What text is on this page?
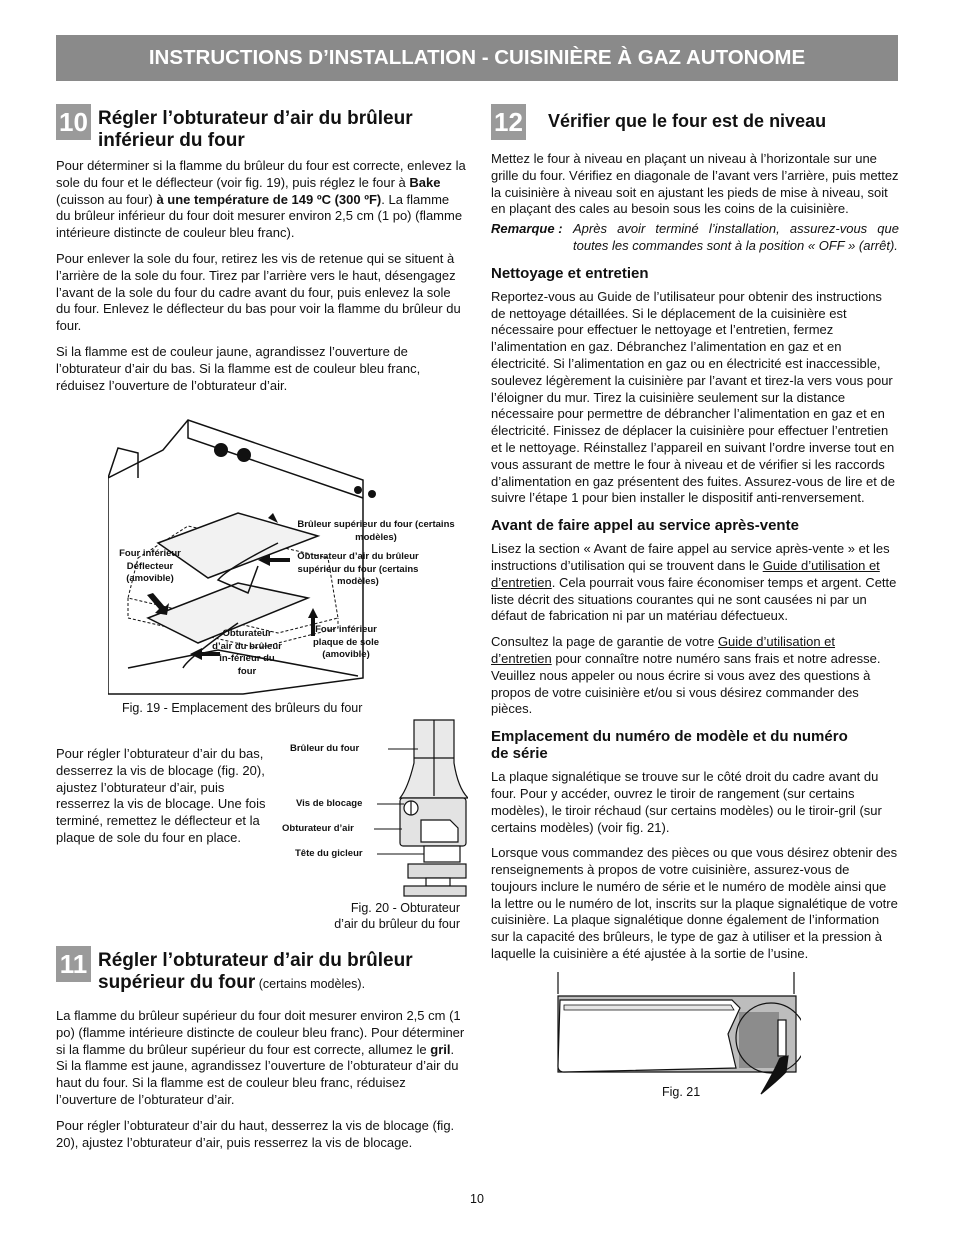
INSTRUCTIONS D’INSTALLATION - CUISINIÈRE À GAZ AUTONOME
10 Régler l’obturateur d’air du brûleur inférieur du four

Pour déterminer si la flamme du brûleur du four est correcte, enlevez la sole du four et le déflecteur (voir fig. 19), puis réglez le four à Bake (cuisson au four) à une température de 149 ºC (300 ºF). La flamme du brûleur inférieur du four doit mesurer environ 2,5 cm (1 po) (flamme intérieure distincte de couleur bleu franc).

Pour enlever la sole du four, retirez les vis de retenue qui se situent à l’arrière de la sole du four. Tirez par l’arrière vers le haut, désengagez l’avant de la sole du four du cadre avant du four, puis enlevez la sole du four. Enlevez le déflecteur du bas pour voir la flamme du brûleur du four.

Si la flamme est de couleur jaune, agrandissez l’ouverture de l’obturateur d’air du bas. Si la flamme est de couleur bleu franc, réduisez l’ouverture de l’obturateur d’air.

Brûleur supérieur du four (certains modèles)
Four inférieur Déflecteur (amovible)
Obturateur d’air du brûleur supérieur du four (certains modèles)
Obturateur d’air du brûleur in-férieur du four
Four inférieur plaque de sole (amovible)
Fig. 19 - Emplacement des brûleurs du four

Pour régler l’obturateur d’air du bas, desserrez la vis de blocage (fig. 20), ajustez l’obturateur d’air, puis resserrez la vis de blocage. Une fois terminé, remettez le déflecteur et la plaque de sole du four en place.

Brûleur du four
Vis de blocage
Obturateur d’air
Tête du gicleur
Fig. 20 - Obturateur
d’air du brûleur du four
11 Régler l’obturateur d’air du brûleur
supérieur du four (certains modèles).

La flamme du brûleur supérieur du four doit mesurer environ 2,5 cm (1 po) (flamme intérieure distincte de couleur bleu franc). Pour déterminer si la flamme du brûleur supérieur du four est correcte, allumez le gril. Si la flamme est jaune, agrandissez l’ouverture de l’obturateur d’air du haut du four. Si la flamme est de couleur bleu franc, réduisez l’ouverture de l’obturateur d’air.

Pour régler l’obturateur d’air du haut, desserrez la vis de blocage (fig. 20), ajustez l’obturateur d’air, puis resserrez la vis de blocage.

12 Vérifier que le four est de niveau

Mettez le four à niveau en plaçant un niveau à l’horizontale sur une grille du four. Vérifiez en diagonale de l’avant vers l’arrière, puis mettez la cuisinière à niveau soit en ajustant les pieds de mise à niveau, soit en plaçant des cales au besoin sous les coins de la cuisinière.

Remarque : Après avoir terminé l’installation, assurez-vous que toutes les commandes sont à la position « OFF » (arrêt).

Nettoyage et entretien

Reportez-vous au Guide de l’utilisateur pour obtenir des instructions de nettoyage détaillées. Si le déplacement de la cuisinière est nécessaire pour effectuer le nettoyage et l’entretien, fermez l’alimentation en gaz. Débranchez l’alimentation en gaz et en électricité. Si l’alimentation en gaz ou en électricité est inaccessible, soulevez légèrement la cuisinière par l’avant et tirez-la vers vous pour l’éloigner du mur. Tirez la cuisinière seulement sur la distance nécessaire pour permettre de débrancher l’alimentation en gaz et en électricité. Finissez de déplacer la cuisinière pour effectuer l’entretien et le nettoyage. Réinstallez l’appareil en suivant l’ordre inverse tout en vous assurant de mettre le four à niveau et de vérifier si les raccords d’alimentation en gaz présentent des fuites. Assurez-vous de lire et de suivre l’étape 1 pour bien installer le dispositif anti-renversement.

Avant de faire appel au service après-vente

Lisez la section « Avant de faire appel au service après-vente » et les instructions d’utilisation qui se trouvent dans le Guide d’utilisation et d’entretien. Cela pourrait vous faire économiser temps et argent. Cette liste décrit des situations courantes qui ne sont causées ni par un défaut de fabrication ni par un matériau défectueux.

Consultez la page de garantie de votre Guide d’utilisation et d’entretien pour connaître notre numéro sans frais et notre adresse. Veuillez nous appeler ou nous écrire si vous avez des questions à propos de votre cuisinière et/ou si vous désirez commander des pièces.

Emplacement du numéro de modèle et du numéro de série

La plaque signalétique se trouve sur le côté droit du cadre avant du four. Pour y accéder, ouvrez le tiroir de rangement (sur certains modèles), le tiroir réchaud (sur certains modèles) ou le tiroir-gril (sur certains modèles) (voir fig. 21).

Lorsque vous commandez des pièces ou que vous désirez obtenir des renseignements à propos de votre cuisinière, assurez-vous de toujours inclure le numéro de série et le numéro de modèle ainsi que la lettre ou le numéro de lot, inscrits sur la plaque signalétique de votre cuisinière. La plaque signalétique donne également de l’information sur la capacité des brûleurs, le type de gaz à utiliser et la pression à laquelle la cuisinière a été ajustée à la sortie de l’usine.

Fig. 21
10
